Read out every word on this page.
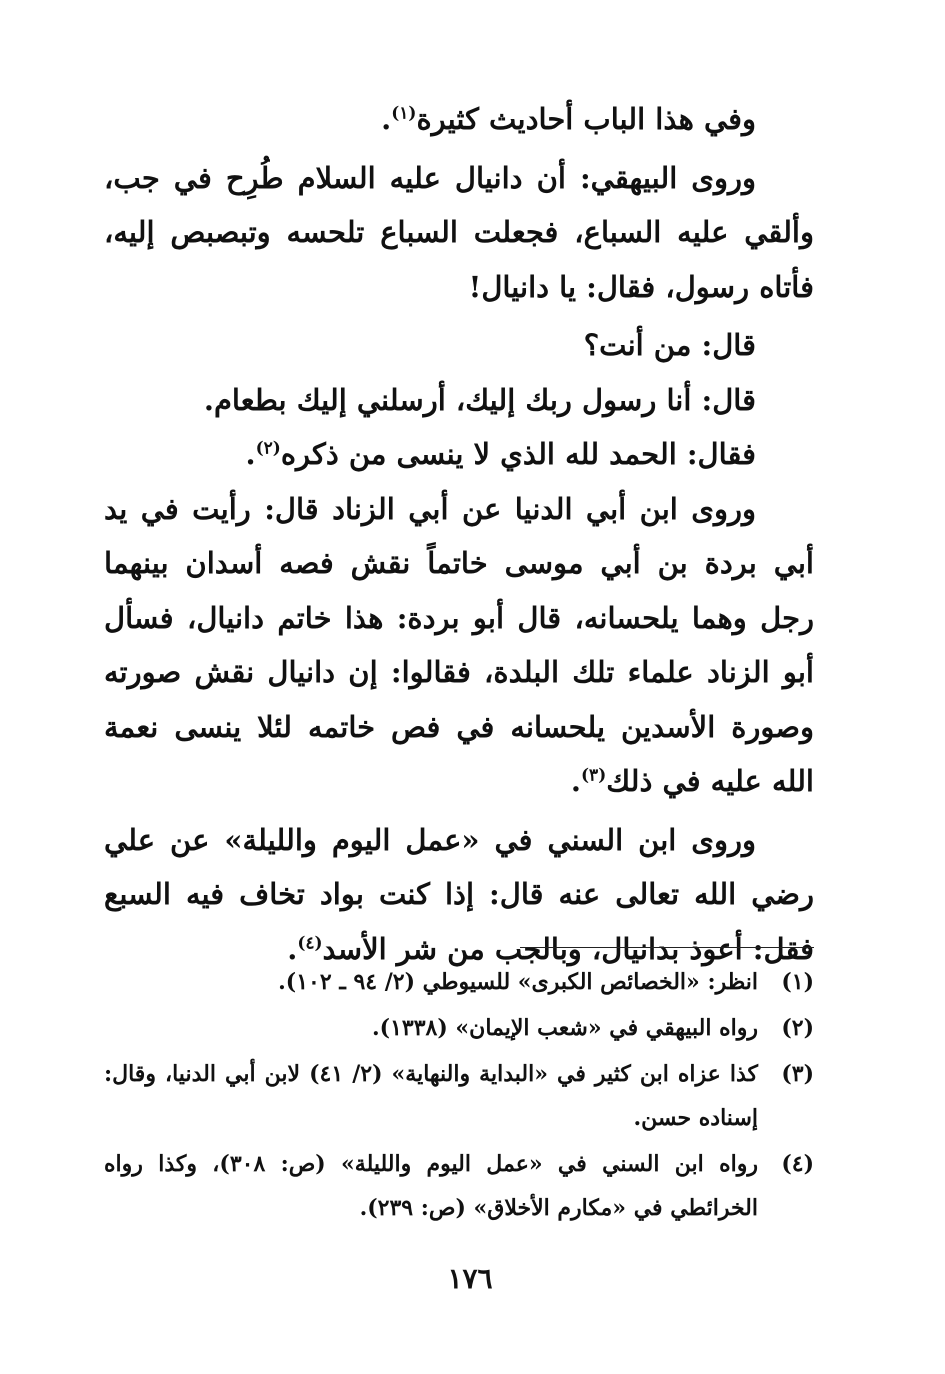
وفي هذا الباب أحاديث كثيرة$^{(١)}$.

وروى البيهقي: أن دانيال عليه السلام طُرِح في جب، وألقي عليه السباع، فجعلت السباع تلحسه وتبصبص إليه، فأتاه رسول، فقال: يا دانيال!

قال: من أنت؟

قال: أنا رسول ربك إليك، أرسلني إليك بطعام.

فقال: الحمد لله الذي لا ينسى من ذكره$^{(٢)}$.

وروى ابن أبي الدنيا عن أبي الزناد قال: رأيت في يد أبي بردة بن أبي موسى خاتماً نقش فصه أسدان بينهما رجل وهما يلحسانه، قال أبو بردة: هذا خاتم دانيال، فسأل أبو الزناد علماء تلك البلدة، فقالوا: إن دانيال نقش صورته وصورة الأسدين يلحسانه في فص خاتمه لئلا ينسى نعمة الله عليه في ذلك$^{(٣)}$.

وروى ابن السني في «عمل اليوم والليلة» عن علي رضي الله تعالى عنه قال: إذا كنت بواد تخاف فيه السبع فقل: أعوذ بدانيال، وبالجب من شر الأسد$^{(٤)}$.

(١)
انظر: «الخصائص الكبرى» للسيوطي (٢/ ٩٤ ـ ١٠٢).
(٢)
رواه البيهقي في «شعب الإيمان» (١٣٣٨).
(٣)
كذا عزاه ابن كثير في «البداية والنهاية» (٢/ ٤١) لابن أبي الدنيا، وقال: إسناده حسن.
(٤)
رواه ابن السني في «عمل اليوم والليلة» (ص: ٣٠٨)، وكذا رواه الخرائطي في «مكارم الأخلاق» (ص: ٢٣٩).
١٧٦
